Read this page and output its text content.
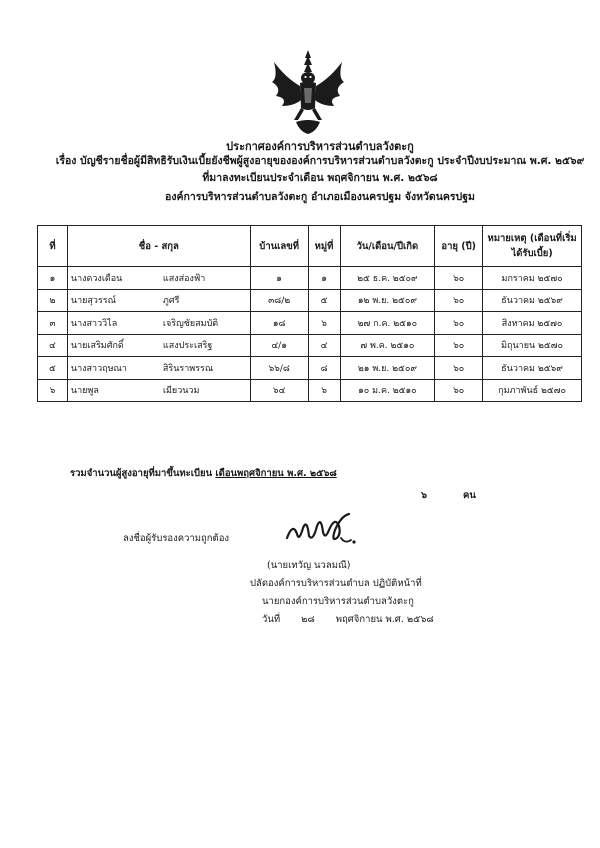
ประกาศองค์การบริหารส่วนตำบลวังตะกู
เรื่อง บัญชีรายชื่อผู้มีสิทธิรับเงินเบี้ยยังชีพผู้สูงอายุขององค์การบริหารส่วนตำบลวังตะกู ประจำปีงบประมาณ พ.ศ. ๒๕๖๙
ที่มาลงทะเบียนประจำเดือน พฤศจิกายน พ.ศ. ๒๕๖๘
องค์การบริหารส่วนตำบลวังตะกู อำเภอเมืองนครปฐม จังหวัดนครปฐม
ที่	ชื่อ - สกุล	บ้านเลขที่	หมู่ที่	วัน/เดือน/ปีเกิด	อายุ (ปี)	หมายเหตุ (เดือนที่เริ่มได้รับเบี้ย)
๑	นางดวงเดือน แสงส่องฟ้า	๑	๑	๒๕ ธ.ค. ๒๕๐๙	๖๐	มกราคม ๒๕๗๐
๒	นายสุวรรณ์ ภูศรี	๓๘/๒	๕	๑๒ พ.ย. ๒๕๐๙	๖๐	ธันวาคม ๒๕๖๙
๓	นางสาววิไล เจริญชัยสมบัติ	๑๘	๖	๒๗ ก.ค. ๒๕๑๐	๖๐	สิงหาคม ๒๕๗๐
๔	นายเสริมศักดิ์ แสงประเสริฐ	๔/๑	๔	๗ พ.ค. ๒๕๑๐	๖๐	มิถุนายน ๒๕๗๐
๕	นางสาวฤษณา สิรินราพรรณ	๖๖/๘	๘	๒๑ พ.ย. ๒๕๐๙	๖๐	ธันวาคม ๒๕๖๙
๖	นายพูล เมียวนวม	๖๔	๖	๑๐ ม.ค. ๒๕๑๐	๖๐	กุมภาพันธ์ ๒๕๗๐
รวมจำนวนผู้สูงอายุที่มาขึ้นทะเบียน เดือนพฤศจิกายน พ.ศ. ๒๕๖๘
๖	คน
ลงชื่อผู้รับรองความถูกต้อง
(นายเทวัญ นวลมณี)
ปลัดองค์การบริหารส่วนตำบล ปฏิบัติหน้าที่
นายกองค์การบริหารส่วนตำบลวังตะกู
วันที่ ๒๘ พฤศจิกายน พ.ศ. ๒๕๖๘
